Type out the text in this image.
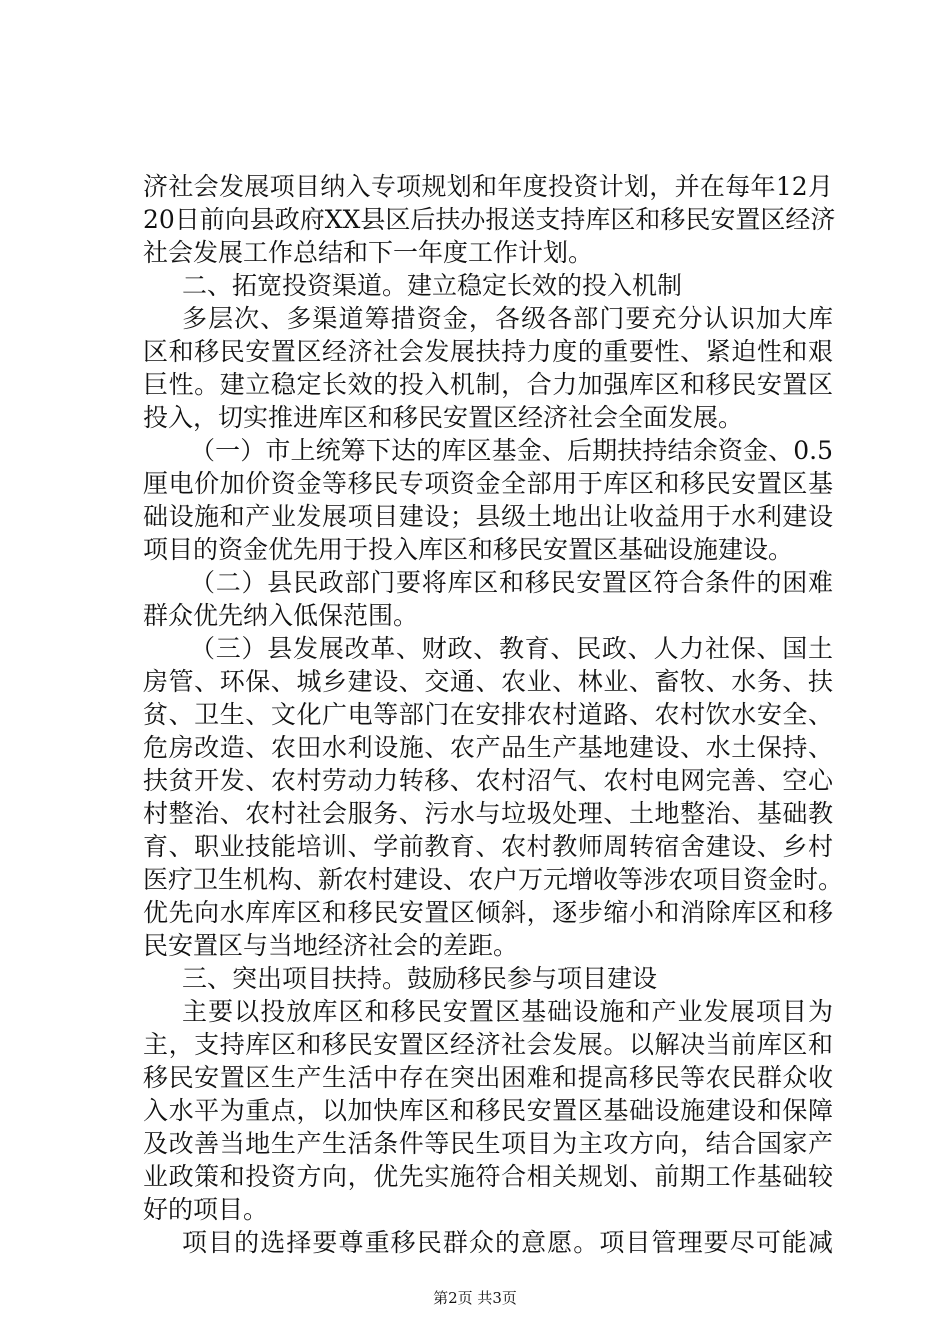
济社会发展项目纳入专项规划和年度投资计划，并在每年12月
20日前向县政府XX县区后扶办报送支持库区和移民安置区经济
社会发展工作总结和下一年度工作计划。
二、拓宽投资渠道。建立稳定长效的投入机制
多层次、多渠道筹措资金，各级各部门要充分认识加大库
区和移民安置区经济社会发展扶持力度的重要性、紧迫性和艰
巨性。建立稳定长效的投入机制，合力加强库区和移民安置区
投入，切实推进库区和移民安置区经济社会全面发展。
（一）市上统筹下达的库区基金、后期扶持结余资金、0.5
厘电价加价资金等移民专项资金全部用于库区和移民安置区基
础设施和产业发展项目建设；县级土地出让收益用于水利建设
项目的资金优先用于投入库区和移民安置区基础设施建设。
（二）县民政部门要将库区和移民安置区符合条件的困难
群众优先纳入低保范围。
（三）县发展改革、财政、教育、民政、人力社保、国土
房管、环保、城乡建设、交通、农业、林业、畜牧、水务、扶
贫、卫生、文化广电等部门在安排农村道路、农村饮水安全、
危房改造、农田水利设施、农产品生产基地建设、水土保持、
扶贫开发、农村劳动力转移、农村沼气、农村电网完善、空心
村整治、农村社会服务、污水与垃圾处理、土地整治、基础教
育、职业技能培训、学前教育、农村教师周转宿舍建设、乡村
医疗卫生机构、新农村建设、农户万元增收等涉农项目资金时。
优先向水库库区和移民安置区倾斜，逐步缩小和消除库区和移
民安置区与当地经济社会的差距。
三、突出项目扶持。鼓励移民参与项目建设
主要以投放库区和移民安置区基础设施和产业发展项目为
主，支持库区和移民安置区经济社会发展。以解决当前库区和
移民安置区生产生活中存在突出困难和提高移民等农民群众收
入水平为重点，以加快库区和移民安置区基础设施建设和保障
及改善当地生产生活条件等民生项目为主攻方向，结合国家产
业政策和投资方向，优先实施符合相关规划、前期工作基础较
好的项目。
项目的选择要尊重移民群众的意愿。项目管理要尽可能减
第2页 共3页
